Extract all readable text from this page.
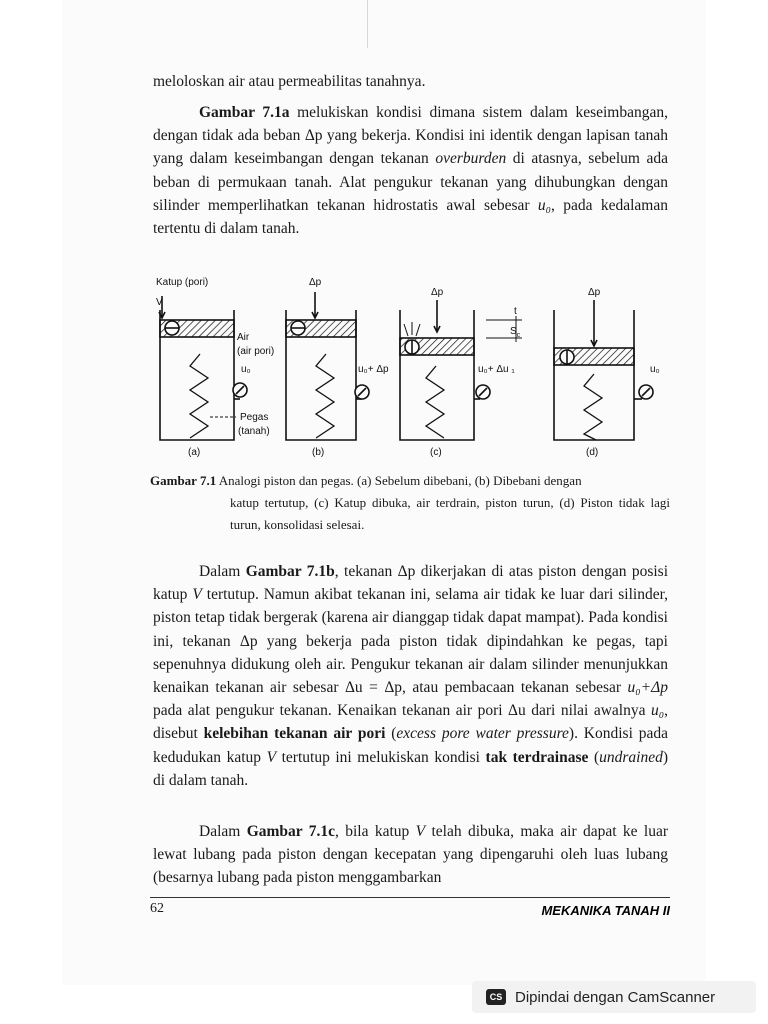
meloloskan air atau permeabilitas tanahnya.

Gambar 7.1a melukiskan kondisi dimana sistem dalam keseimbangan, dengan tidak ada beban Δp yang bekerja. Kondisi ini identik dengan lapisan tanah yang dalam keseimbangan dengan tekanan overburden di atasnya, sebelum ada beban di permukaan tanah. Alat pengukur tekanan yang dihubungkan dengan silinder memperlihatkan tekanan hidrostatis awal sebesar u₀, pada kedalaman tertentu di dalam tanah.

Katup (pori)
V
Δp
Δp	Δp
Air
(air pori)
u₀
Pegas
(tanah)
u₀+ Δp	u₀+ Δu ₁
$S_c$
t
u₀
(a)	(b)	(c)	(d)

Gambar 7.1 Analogi piston dan pegas. (a) Sebelum dibebani, (b) Dibebani dengan
katup tertutup, (c) Katup dibuka, air terdrain, piston turun, (d) Piston tidak lagi turun, konsolidasi selesai.

Dalam Gambar 7.1b, tekanan Δp dikerjakan di atas piston dengan posisi katup V tertutup. Namun akibat tekanan ini, selama air tidak ke luar dari silinder, piston tetap tidak bergerak (karena air dianggap tidak dapat mampat). Pada kondisi ini, tekanan Δp yang bekerja pada piston tidak dipindahkan ke pegas, tapi sepenuhnya didukung oleh air. Pengukur tekanan air dalam silinder menunjukkan kenaikan tekanan air sebesar Δu = Δp, atau pembacaan tekanan sebesar u₀+Δp pada alat pengukur tekanan. Kenaikan tekanan air pori Δu dari nilai awalnya u₀, disebut kelebihan tekanan air pori (excess pore water pressure). Kondisi pada kedudukan katup V tertutup ini melukiskan kondisi tak terdrainase (undrained) di dalam tanah.

Dalam Gambar 7.1c, bila katup V telah dibuka, maka air dapat ke luar lewat lubang pada piston dengan kecepatan yang dipengaruhi oleh luas lubang (besarnya lubang pada piston menggambarkan

62	MEKANIKA TANAH II
CS Dipindai dengan CamScanner
